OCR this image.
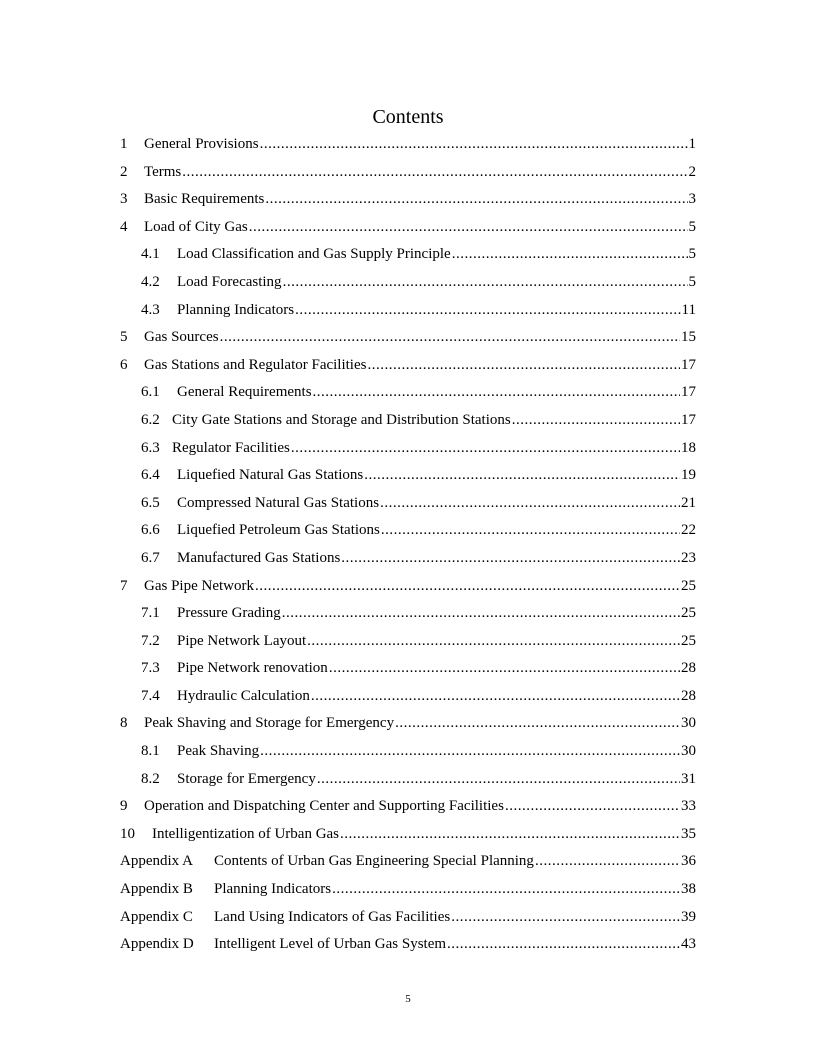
Contents
1	General Provisions .....	1
2	Terms .....	2
3	Basic Requirements .....	3
4	Load of City Gas .....	5
4.1	Load Classification and Gas Supply Principle .....	5
4.2	Load Forecasting .....	5
4.3	Planning Indicators .....	11
5	Gas Sources .....	15
6	Gas Stations and Regulator Facilities .....	17
6.1	General Requirements .....	17
6.2 City Gate Stations and Storage and Distribution Stations .....	17
6.3 Regulator Facilities .....	18
6.4	Liquefied Natural Gas Stations .....	19
6.5	Compressed Natural Gas Stations .....	21
6.6	Liquefied Petroleum Gas Stations .....	22
6.7	Manufactured Gas Stations .....	23
7	Gas Pipe Network .....	25
7.1	Pressure Grading .....	25
7.2	Pipe Network Layout .....	25
7.3	Pipe Network renovation .....	28
7.4	Hydraulic Calculation .....	28
8	Peak Shaving and Storage for Emergency .....	30
8.1	Peak Shaving .....	30
8.2	Storage for Emergency .....	31
9	Operation and Dispatching Center and Supporting Facilities .....	33
10	Intelligentization of Urban Gas .....	35
Appendix A	Contents of Urban Gas Engineering Special Planning .....	36
Appendix B	Planning Indicators .....	38
Appendix C	Land Using Indicators of Gas Facilities .....	39
Appendix D	Intelligent Level of Urban Gas System .....	43
5
